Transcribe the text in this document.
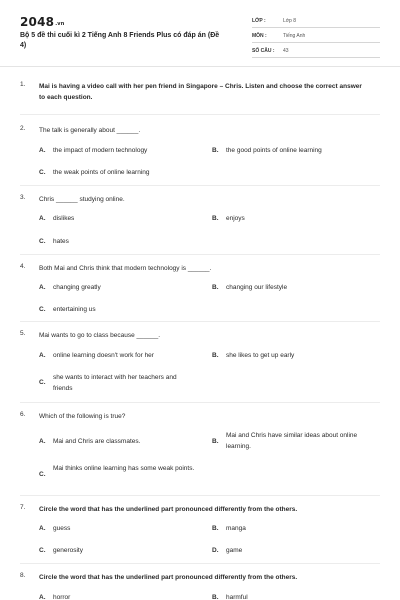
$2048^{.vn}$
Bộ 5 đề thi cuối kì 2 Tiếng Anh 8 Friends Plus có đáp án (Đề 4)
LỚP :	Lớp 8
MÔN :	Tiếng Anh
SỐ CÂU : 43
1. Mai is having a video call with her pen friend in Singapore – Chris. Listen and choose the correct answer to each question.
2. The talk is generally about ______.
A. the impact of modern technology	B. the good points of online learning
C. the weak points of online learning
3. Chris ______ studying online.
A. dislikes	B. enjoys
C. hates
4. Both Mai and Chris think that modern technology is ______.
A. changing greatly	B. changing our lifestyle
C. entertaining us
5. Mai wants to go to class because ______.
A. online learning doesn't work for her	B. she likes to get up early
C.
she wants to interact with her teachers and friends
6. Which of the following is true?
A. Mai and Chris are classmates.	B.
Mai and Chris have similar ideas about online learning.
C.
Mai thinks online learning has some weak points.
7. Circle the word that has the underlined part pronounced differently from the others.
A. guess	B. manga
C. generosity	D. game
8. Circle the word that has the underlined part pronounced differently from the others.
A. horror	B. harmful
